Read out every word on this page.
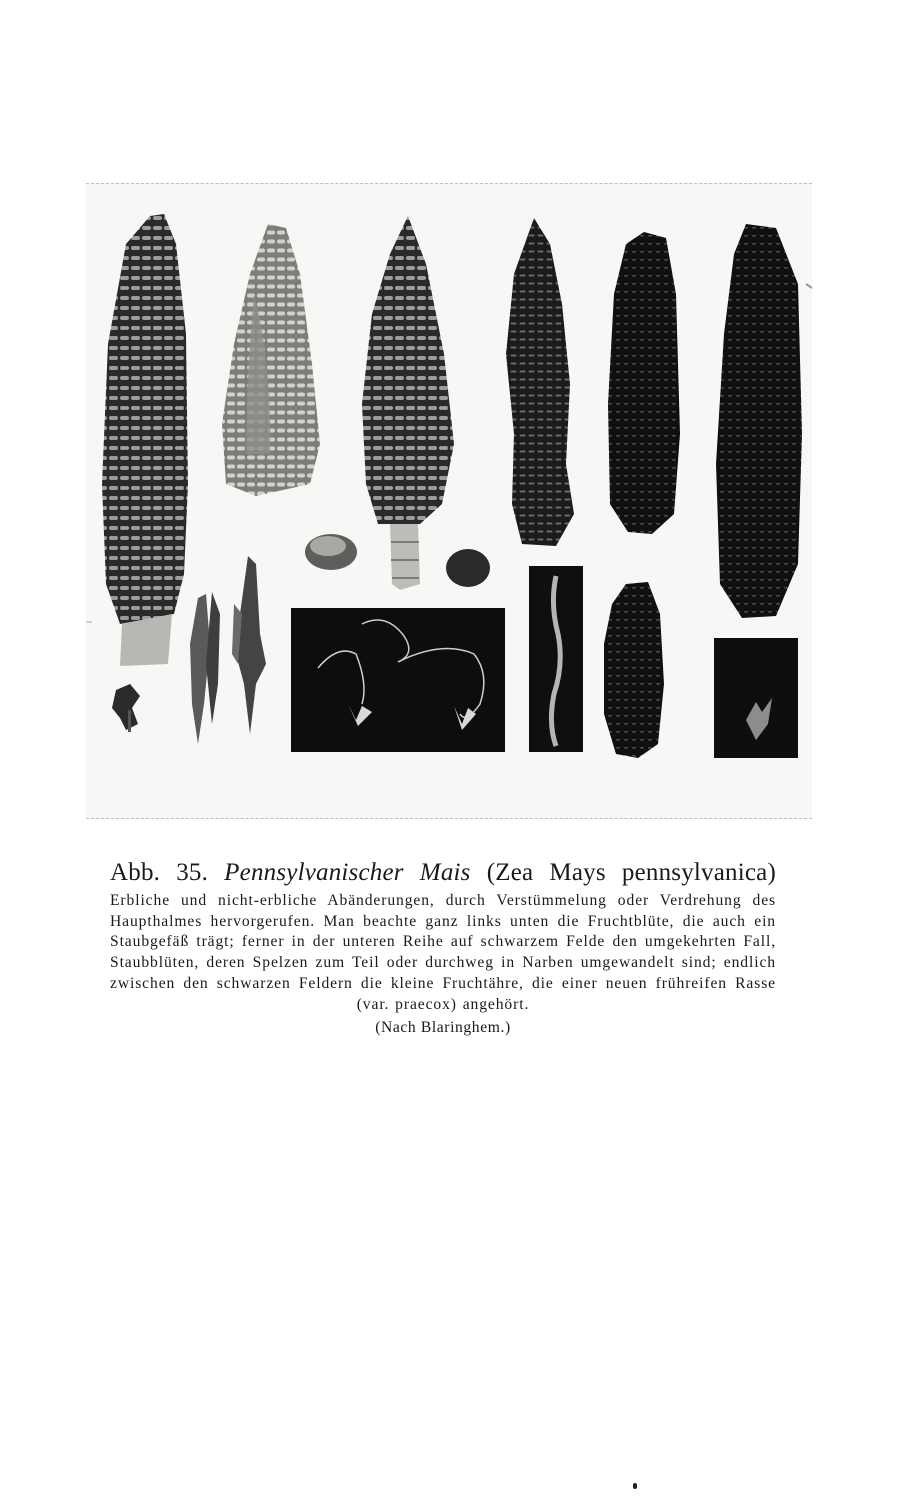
Abb. 35. Pennsylvanischer Mais (Zea Mays pennsylvanica)
Erbliche und nicht-erbliche Abänderungen, durch Verstümmelung oder Verdrehung des Haupthalmes hervorgerufen. Man beachte ganz links unten die Fruchtblüte, die auch ein Staubgefäß trägt; ferner in der unteren Reihe auf schwarzem Felde den umgekehrten Fall, Staubblüten, deren Spelzen zum Teil oder durchweg in Narben umgewandelt sind; endlich zwischen den schwarzen Feldern die kleine Fruchtähre, die einer neuen frühreifen Rasse (var. praecox) angehört.
(Nach Blaringhem.)
